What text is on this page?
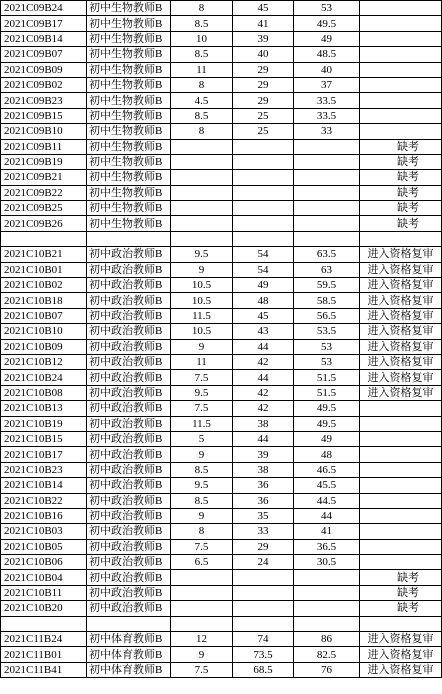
2021C09B24	初中生物教师B	8	45	53	
2021C09B17	初中生物教师B	8.5	41	49.5	
2021C09B14	初中生物教师B	10	39	49	
2021C09B07	初中生物教师B	8.5	40	48.5	
2021C09B09	初中生物教师B	11	29	40	
2021C09B02	初中生物教师B	8	29	37	
2021C09B23	初中生物教师B	4.5	29	33.5	
2021C09B15	初中生物教师B	8.5	25	33.5	
2021C09B10	初中生物教师B	8	25	33	
2021C09B11	初中生物教师B				缺考
2021C09B19	初中生物教师B				缺考
2021C09B21	初中生物教师B				缺考
2021C09B22	初中生物教师B				缺考
2021C09B25	初中生物教师B				缺考
2021C09B26	初中生物教师B				缺考

2021C10B21	初中政治教师B	9.5	54	63.5	进入资格复审
2021C10B01	初中政治教师B	9	54	63	进入资格复审
2021C10B02	初中政治教师B	10.5	49	59.5	进入资格复审
2021C10B18	初中政治教师B	10.5	48	58.5	进入资格复审
2021C10B07	初中政治教师B	11.5	45	56.5	进入资格复审
2021C10B10	初中政治教师B	10.5	43	53.5	进入资格复审
2021C10B09	初中政治教师B	9	44	53	进入资格复审
2021C10B12	初中政治教师B	11	42	53	进入资格复审
2021C10B24	初中政治教师B	7.5	44	51.5	进入资格复审
2021C10B08	初中政治教师B	9.5	42	51.5	进入资格复审
2021C10B13	初中政治教师B	7.5	42	49.5	
2021C10B19	初中政治教师B	11.5	38	49.5	
2021C10B15	初中政治教师B	5	44	49	
2021C10B17	初中政治教师B	9	39	48	
2021C10B23	初中政治教师B	8.5	38	46.5	
2021C10B14	初中政治教师B	9.5	36	45.5	
2021C10B22	初中政治教师B	8.5	36	44.5	
2021C10B16	初中政治教师B	9	35	44	
2021C10B03	初中政治教师B	8	33	41	
2021C10B05	初中政治教师B	7.5	29	36.5	
2021C10B06	初中政治教师B	6.5	24	30.5	
2021C10B04	初中政治教师B				缺考
2021C10B11	初中政治教师B				缺考
2021C10B20	初中政治教师B				缺考

2021C11B24	初中体育教师B	12	74	86	进入资格复审
2021C11B01	初中体育教师B	9	73.5	82.5	进入资格复审
2021C11B41	初中体育教师B	7.5	68.5	76	进入资格复审
